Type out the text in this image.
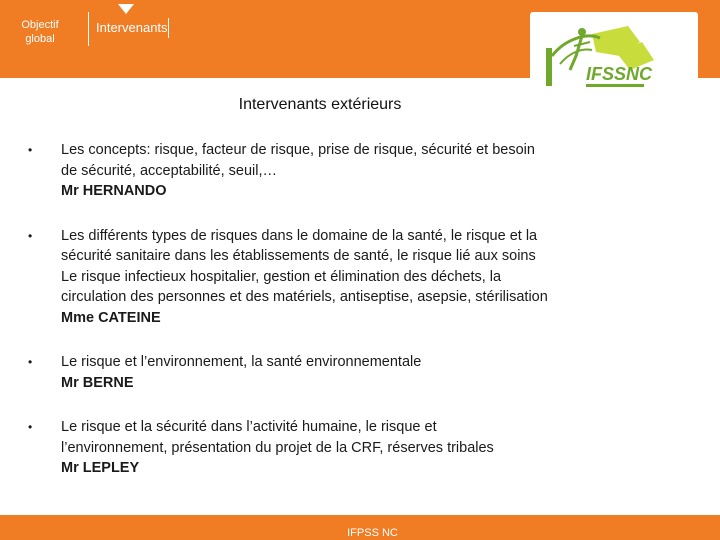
Objectif
global
Intervenants
IFSSNC
Intervenants extérieurs
• Les concepts: risque, facteur de risque, prise de risque, sécurité et besoin
de sécurité, acceptabilité, seuil,…
Mr HERNANDO
• Les différents types de risques dans le domaine de la santé, le risque et la
sécurité sanitaire dans les établissements de santé, le risque lié aux soins
Le risque infectieux hospitalier, gestion et élimination des déchets, la
circulation des personnes et des matériels, antiseptise, asepsie, stérilisation
Mme CATEINE
• Le risque et l’environnement, la santé environnementale
Mr BERNE
• Le risque et la sécurité dans l’activité humaine, le risque et
l’environnement, présentation du projet de la CRF, réserves tribales
Mr LEPLEY
IFPSS NC
